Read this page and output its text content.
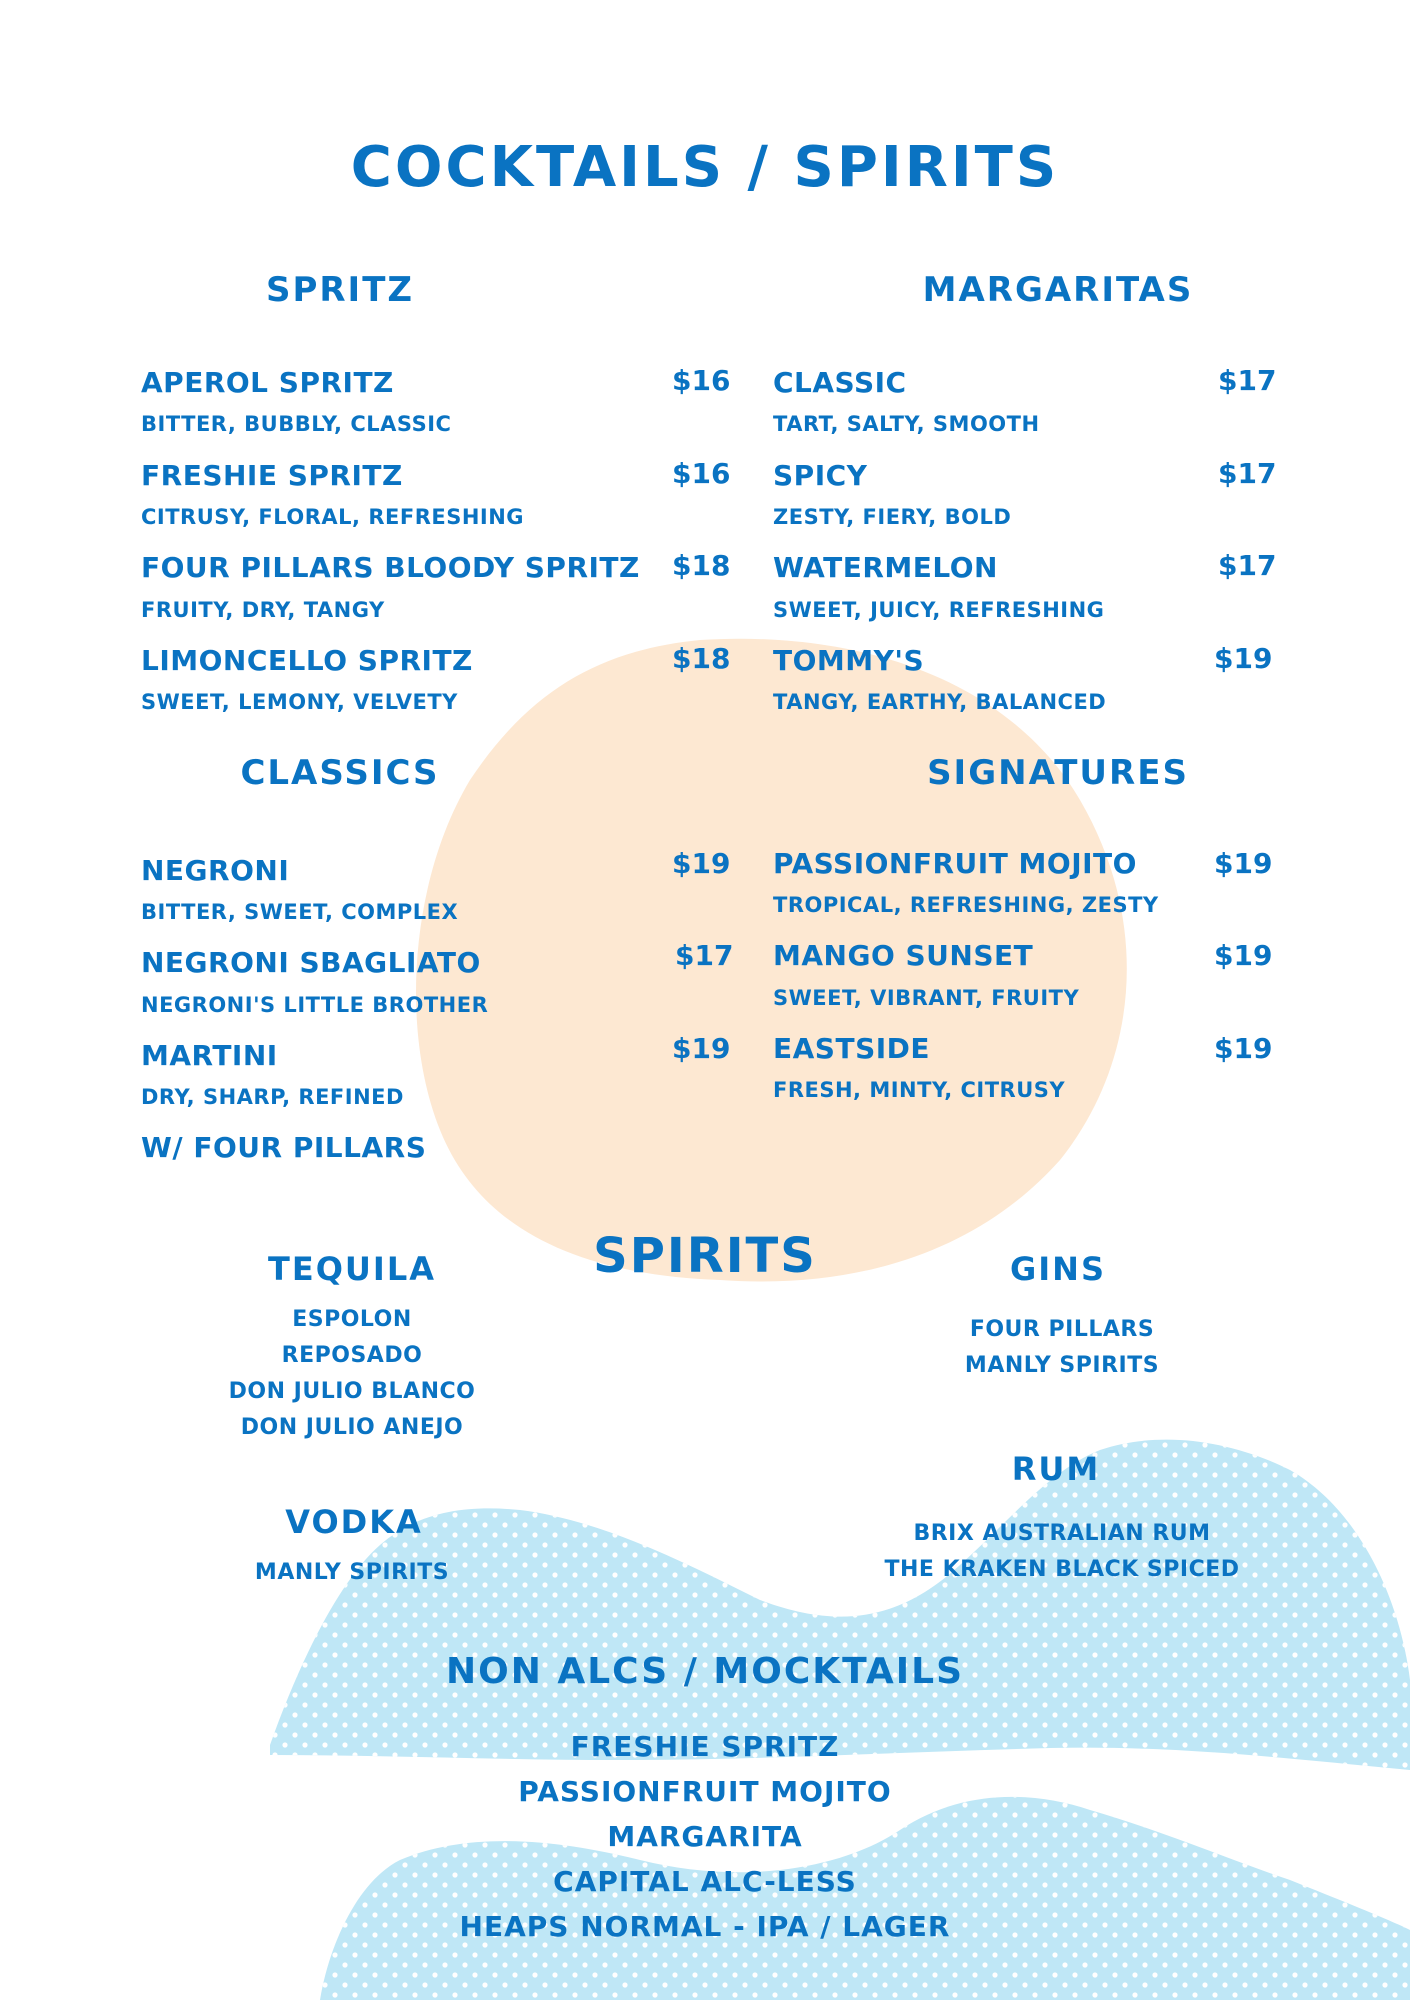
COCKTAILS / SPIRITS
SPRITZ
APEROL SPRITZ	$16
BITTER, BUBBLY, CLASSIC
FRESHIE SPRITZ	$16
CITRUSY, FLORAL, REFRESHING
FOUR PILLARS BLOODY SPRITZ $18
FRUITY, DRY, TANGY
LIMONCELLO SPRITZ	$18
SWEET, LEMONY, VELVETY
MARGARITAS
CLASSIC	$17
TART, SALTY, SMOOTH
SPICY	$17
ZESTY, FIERY, BOLD
WATERMELON	$17
SWEET, JUICY, REFRESHING
TOMMY'S	$19
TANGY, EARTHY, BALANCED
CLASSICS
NEGRONI	$19
BITTER, SWEET, COMPLEX
NEGRONI SBAGLIATO	$17
NEGRONI'S LITTLE BROTHER
MARTINI	$19
DRY, SHARP, REFINED
W/ FOUR PILLARS
SIGNATURES
PASSIONFRUIT MOJITO	$19
TROPICAL, REFRESHING, ZESTY
MANGO SUNSET	$19
SWEET, VIBRANT, FRUITY
EASTSIDE	$19
FRESH, MINTY, CITRUSY
SPIRITS
TEQUILA
ESPOLON
REPOSADO
DON JULIO BLANCO
DON JULIO ANEJO
GINS
FOUR PILLARS
MANLY SPIRITS
VODKA
MANLY SPIRITS
RUM
BRIX AUSTRALIAN RUM
THE KRAKEN BLACK SPICED
NON ALCS / MOCKTAILS
FRESHIE SPRITZ
PASSIONFRUIT MOJITO
MARGARITA
CAPITAL ALC-LESS
HEAPS NORMAL - IPA / LAGER
